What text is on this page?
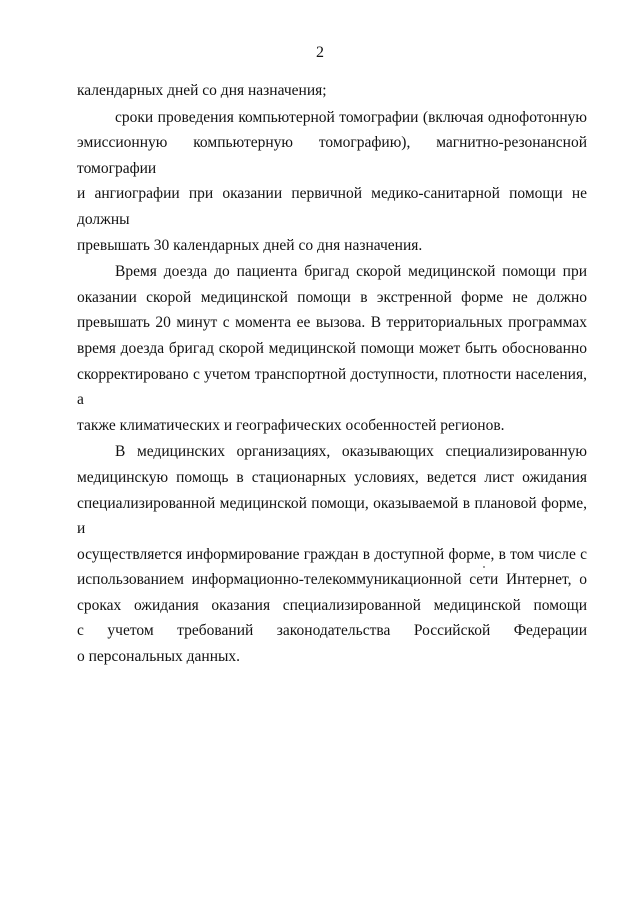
2

календарных дней со дня назначения;

сроки проведения компьютерной томографии (включая однофотонную
эмиссионную компьютерную томографию), магнитно-резонансной томографии
и ангиографии при оказании первичной медико-санитарной помощи не должны
превышать 30 календарных дней со дня назначения.

Время доезда до пациента бригад скорой медицинской помощи при
оказании скорой медицинской помощи в экстренной форме не должно
превышать 20 минут с момента ее вызова. В территориальных программах
время доезда бригад скорой медицинской помощи может быть обоснованно
скорректировано с учетом транспортной доступности, плотности населения, а
также климатических и географических особенностей регионов.

В медицинских организациях, оказывающих специализированную
медицинскую помощь в стационарных условиях, ведется лист ожидания
специализированной медицинской помощи, оказываемой в плановой форме, и
осуществляется информирование граждан в доступной форме, в том числе с
использованием информационно-телекоммуникационной сети Интернет, о
сроках ожидания оказания специализированной медицинской помощи
с учетом требований законодательства Российской Федерации
о персональных данных.
